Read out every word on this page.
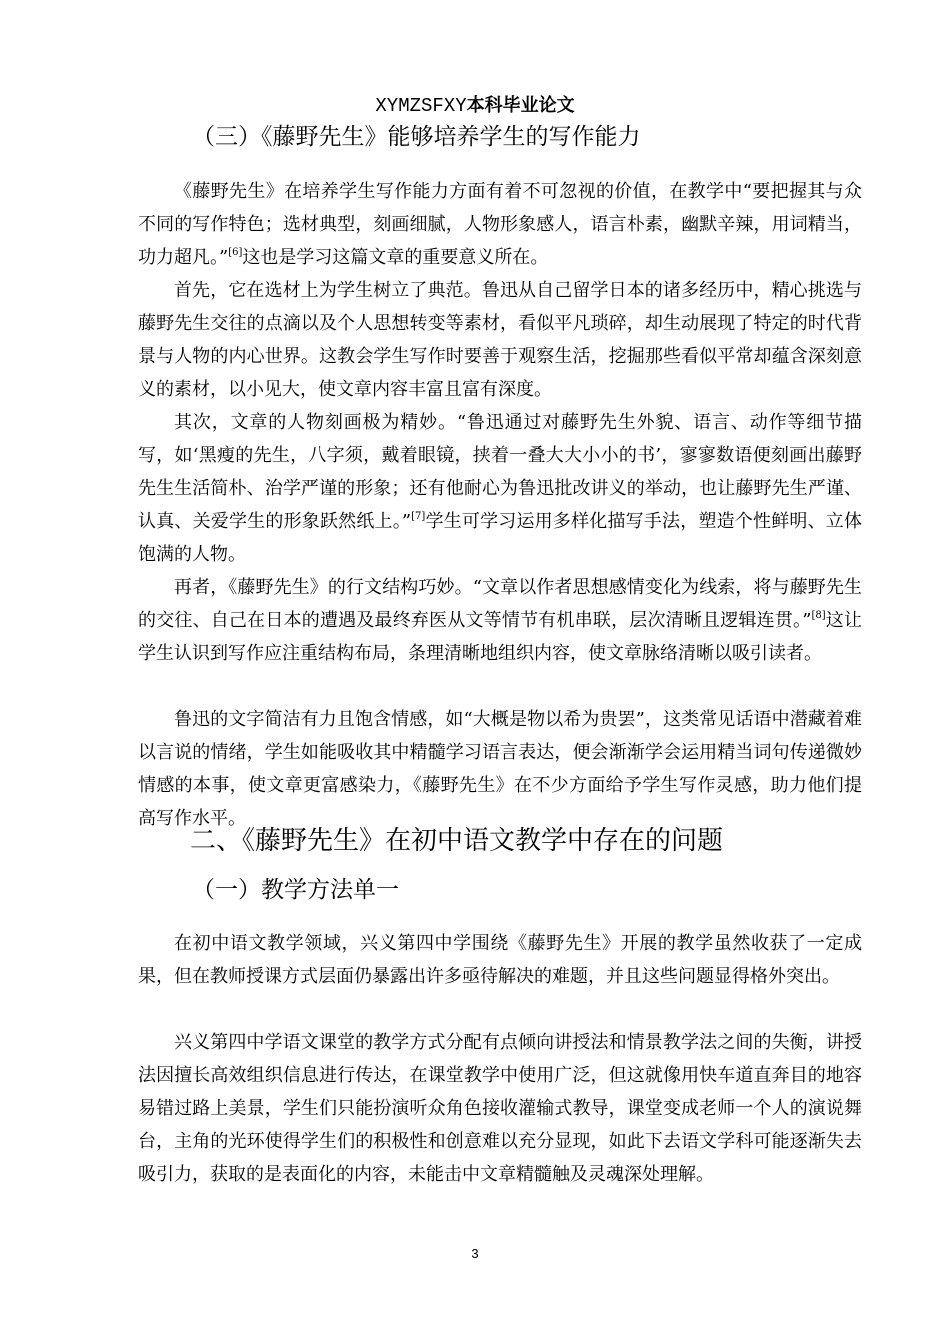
XYMZSFXY本科毕业论文
（三）《藤野先生》能够培养学生的写作能力

《藤野先生》在培养学生写作能力方面有着不可忽视的价值，在教学中“要把握其与众不同的写作特色；选材典型，刻画细腻，人物形象感人，语言朴素，幽默辛辣，用词精当，功力超凡。”[6]这也是学习这篇文章的重要意义所在。

首先，它在选材上为学生树立了典范。鲁迅从自己留学日本的诸多经历中，精心挑选与藤野先生交往的点滴以及个人思想转变等素材，看似平凡琐碎，却生动展现了特定的时代背景与人物的内心世界。这教会学生写作时要善于观察生活，挖掘那些看似平常却蕴含深刻意义的素材，以小见大，使文章内容丰富且富有深度。

其次，文章的人物刻画极为精妙。“鲁迅通过对藤野先生外貌、语言、动作等细节描写，如‘黑瘦的先生，八字须，戴着眼镜，挟着一叠大大小小的书’，寥寥数语便刻画出藤野先生生活简朴、治学严谨的形象；还有他耐心为鲁迅批改讲义的举动，也让藤野先生严谨、认真、关爱学生的形象跃然纸上。”[7]学生可学习运用多样化描写手法，塑造个性鲜明、立体饱满的人物。

再者，《藤野先生》的行文结构巧妙。“文章以作者思想感情变化为线索，将与藤野先生的交往、自己在日本的遭遇及最终弃医从文等情节有机串联，层次清晰且逻辑连贯。”[8]这让学生认识到写作应注重结构布局，条理清晰地组织内容，使文章脉络清晰以吸引读者。

鲁迅的文字简洁有力且饱含情感，如“大概是物以希为贵罢”，这类常见话语中潜藏着难以言说的情绪，学生如能吸收其中精髓学习语言表达，便会渐渐学会运用精当词句传递微妙情感的本事，使文章更富感染力，《藤野先生》在不少方面给予学生写作灵感，助力他们提高写作水平。

二、《藤野先生》在初中语文教学中存在的问题
（一）教学方法单一

在初中语文教学领域，兴义第四中学围绕《藤野先生》开展的教学虽然收获了一定成果，但在教师授课方式层面仍暴露出许多亟待解决的难题，并且这些问题显得格外突出。

兴义第四中学语文课堂的教学方式分配有点倾向讲授法和情景教学法之间的失衡，讲授法因擅长高效组织信息进行传达，在课堂教学中使用广泛，但这就像用快车道直奔目的地容易错过路上美景，学生们只能扮演听众角色接收灌输式教导，课堂变成老师一个人的演说舞台，主角的光环使得学生们的积极性和创意难以充分显现，如此下去语文学科可能逐渐失去吸引力，获取的是表面化的内容，未能击中文章精髓触及灵魂深处理解。

3
